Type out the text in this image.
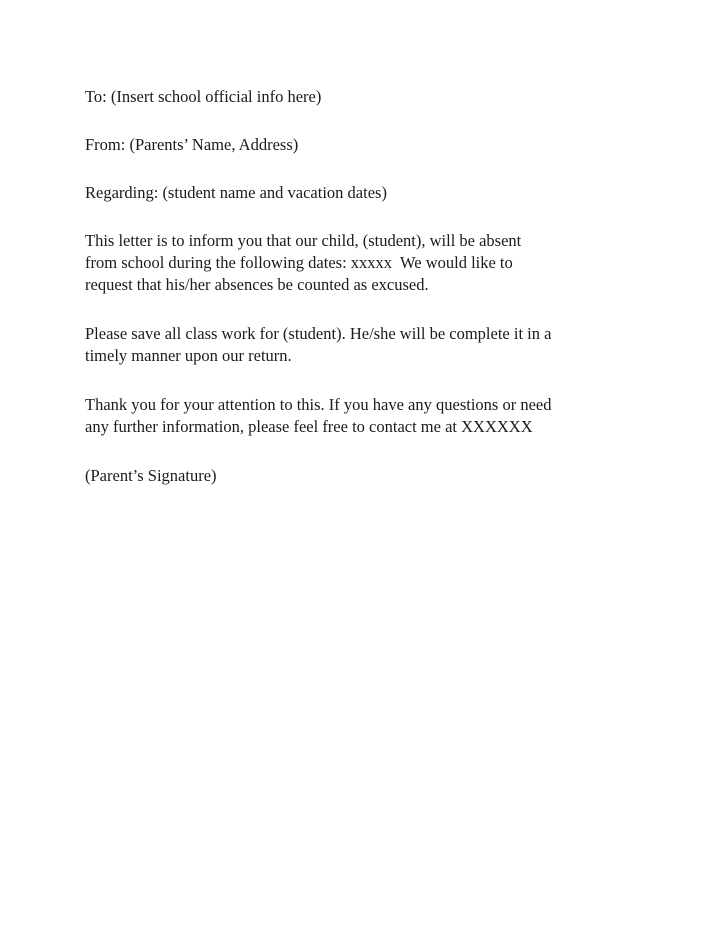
To: (Insert school official info here)
From: (Parents’ Name, Address)
Regarding: (student name and vacation dates)
This letter is to inform you that our child, (student), will be absent
from school during the following dates: xxxxx  We would like to
request that his/her absences be counted as excused.
Please save all class work for (student). He/she will be complete it in a
timely manner upon our return.
Thank you for your attention to this. If you have any questions or need
any further information, please feel free to contact me at XXXXXX
(Parent’s Signature)
